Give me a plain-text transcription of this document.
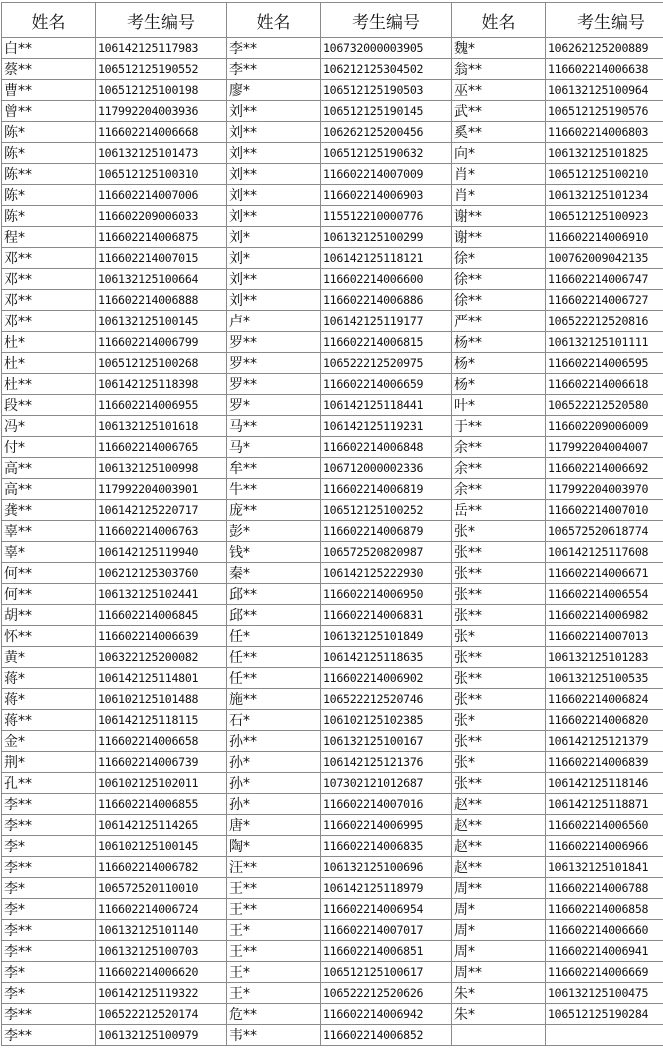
姓名	考生编号	姓名	考生编号	姓名	考生编号
白**	106142125117983	李**	106732000003905	魏*	106262125200889
蔡**	106512125190552	李**	106212125304502	翁**	116602214006638
曹**	106512125100198	廖*	106512125190503	巫**	106132125100964
曾**	117992204003936	刘**	106512125190145	武**	106512125190576
陈*	116602214006668	刘**	106262125200456	奚**	116602214006803
陈*	106132125101473	刘**	106512125190632	向*	106132125101825
陈**	106512125100310	刘**	116602214007009	肖*	106512125100210
陈*	116602214007006	刘**	116602214006903	肖*	106132125101234
陈*	116602209006033	刘**	115512210000776	谢**	106512125100923
程*	116602214006875	刘*	106132125100299	谢**	116602214006910
邓**	116602214007015	刘*	106142125118121	徐*	100762009042135
邓**	106132125100664	刘**	116602214006600	徐**	116602214006747
邓**	116602214006888	刘**	116602214006886	徐**	116602214006727
邓**	106132125100145	卢*	106142125119177	严**	106522212520816
杜*	116602214006799	罗**	116602214006815	杨**	106132125101111
杜*	106512125100268	罗**	106522212520975	杨*	116602214006595
杜**	106142125118398	罗**	116602214006659	杨*	116602214006618
段**	116602214006955	罗*	106142125118441	叶*	106522212520580
冯*	106132125101618	马**	106142125119231	于**	116602209006009
付*	116602214006765	马*	116602214006848	余**	117992204004007
高**	106132125100998	牟**	106712000002336	余**	116602214006692
高**	117992204003901	牛**	116602214006819	余**	117992204003970
龚**	106142125220717	庞**	106512125100252	岳**	116602214007010
辜**	116602214006763	彭*	116602214006879	张*	106572520618774
辜*	106142125119940	钱*	106572520820987	张**	106142125117608
何**	106212125303760	秦*	106142125222930	张**	116602214006671
何**	106132125102441	邱**	116602214006950	张**	116602214006554
胡**	116602214006845	邱**	116602214006831	张**	116602214006982
怀**	116602214006639	任*	106132125101849	张*	116602214007013
黄*	106322125200082	任**	106142125118635	张**	106132125101283
蒋*	106142125114801	任**	116602214006902	张**	106132125100535
蒋*	106102125101488	施**	106522212520746	张**	116602214006824
蒋**	106142125118115	石*	106102125102385	张*	116602214006820
金*	116602214006658	孙**	106132125100167	张**	106142125121379
荆*	116602214006739	孙*	106142125121376	张*	116602214006839
孔**	106102125102011	孙*	107302121012687	张**	106142125118146
李**	116602214006855	孙*	116602214007016	赵**	106142125118871
李**	106142125114265	唐*	116602214006995	赵**	116602214006560
李*	106102125100145	陶*	116602214006835	赵**	116602214006966
李**	116602214006782	汪**	106132125100696	赵**	106132125101841
李*	106572520110010	王**	106142125118979	周**	116602214006788
李*	116602214006724	王**	116602214006954	周*	116602214006858
李**	106132125101140	王*	116602214007017	周*	116602214006660
李**	106132125100703	王**	116602214006851	周*	116602214006941
李*	116602214006620	王*	106512125100617	周**	116602214006669
李*	106142125119322	王*	106522212520626	朱*	106132125100475
李**	106522212520174	危**	116602214006942	朱*	106512125190284
李**	106132125100979	韦**	116602214006852		
